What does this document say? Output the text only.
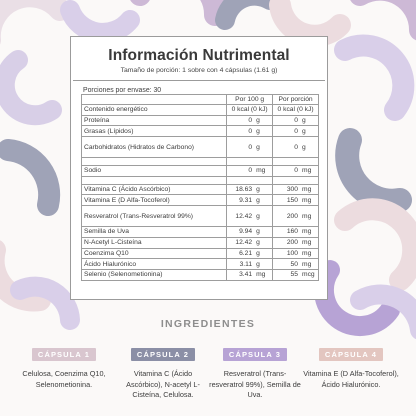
Información Nutrimental
Tamaño de porción: 1 sobre con 4 cápsulas (1.61 g)
Porciones por envase: 30
	Por 100 g	Por porción
Contenido energético	0 kcal (0 kJ)	0 kcal (0 kJ)
Proteína	0 g	0 g

Grasas (Lípidos)	0 g	0 g

Carbohidratos (Hidratos de Carbono)	0 g	0 g

Sodio	0 mg	0 mg

Vitamina C (Ácido Ascórbico)	18.63 g	300 mg

Vitamina E (D Alfa-Tocoferol)	9.31 g	150 mg

Resveratrol (Trans-Resveratrol 99%)	12.42 g	200 mg

Semilla de Uva	9.94 g	160 mg

N-Acetyl L-Cisteína	12.42 g	200 mg

Coenzima Q10	6.21 g	100 mg

Ácido Hialurónico	3.11 g	50 mg

Selenio (Selenometionina)	3.41 mg	55 mcg
INGREDIENTES
CÁPSULA 1
Celulosa, Coenzima Q10, Selenometionina.
CÁPSULA 2
Vitamina C (Ácido Ascórbico), N-acetyl L-Cisteína, Celulosa.
CÁPSULA 3
Resveratrol (Trans-resveratrol 99%), Semilla de Uva.
CÁPSULA 4
Vitamina E (D Alfa-Tocoferol), Ácido Hialurónico.
